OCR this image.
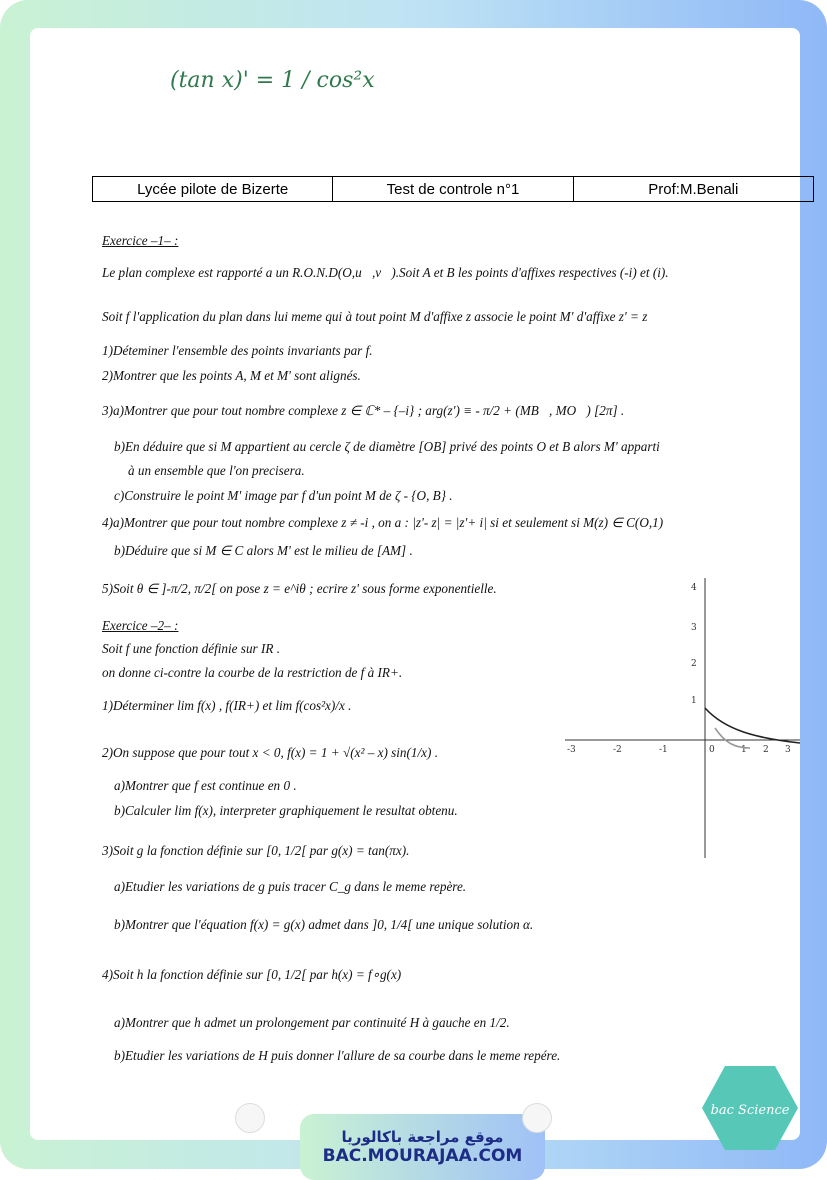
(tan x)' = 1 / cos²x
Lycée pilote de Bizerte	Test de controle n°1	Prof:M.Benali
Exercice –1– :
Le plan complexe est rapporté a un R.O.N.D(O,u⃗,v⃗).Soit A et B les points d'affixes respectives (-i) et (i).
Soit f l'application du plan dans lui meme qui à tout point M d'affixe z associe le point M' d'affixe z' = z
1)Déteminer l'ensemble des points invariants par f.
2)Montrer que les points A, M et M' sont alignés.
3)a)Montrer que pour tout nombre complexe z ∈ ℂ* – {–i} ; arg(z') ≡ - π/2 + (MB⃗, MO⃗) [2π] .
b)En déduire que si M appartient au cercle ζ de diamètre [OB] privé des points O et B alors M' apparti
à un ensemble que l'on precisera.
c)Construire le point M' image par f d'un point M de ζ - {O, B} .
4)a)Montrer que pour tout nombre complexe z ≠ -i , on a : |z'- z| = |z'+ i| si et seulement si M(z) ∈ C(O,1)
b)Déduire que si M ∈ C alors M' est le milieu de [AM] .
5)Soit θ ∈ ]-π/2, π/2[ on pose z = e^iθ ; ecrire z' sous forme exponentielle.
Exercice –2– :
Soit f une fonction définie sur IR .
on donne ci-contre la courbe de la restriction de f à IR+.
1)Déterminer lim f(x) , f(IR+) et lim f(cos²x)/x .
2)On suppose que pour tout x < 0, f(x) = 1 + √(x² – x) sin(1/x) .
a)Montrer que f est continue en 0 .
b)Calculer lim f(x), interpreter graphiquement le resultat obtenu.
3)Soit g la fonction définie sur [0, 1/2[ par g(x) = tan(πx).
a)Etudier les variations de g puis tracer C_g dans le meme repère.
b)Montrer que l'équation f(x) = g(x) admet dans ]0, 1/4[ une unique solution α.
4)Soit h la fonction définie sur [0, 1/2[ par h(x) = f∘g(x)
a)Montrer que h admet un prolongement par continuité H à gauche en 1/2.
b)Etudier les variations de H puis donner l'allure de sa courbe dans le meme repére.
4
3
2
1
-3	-2	-1	0	1 2 3
موقع مراجعة باكالوريا
BAC.MOURAJAA.COM
bac Science
